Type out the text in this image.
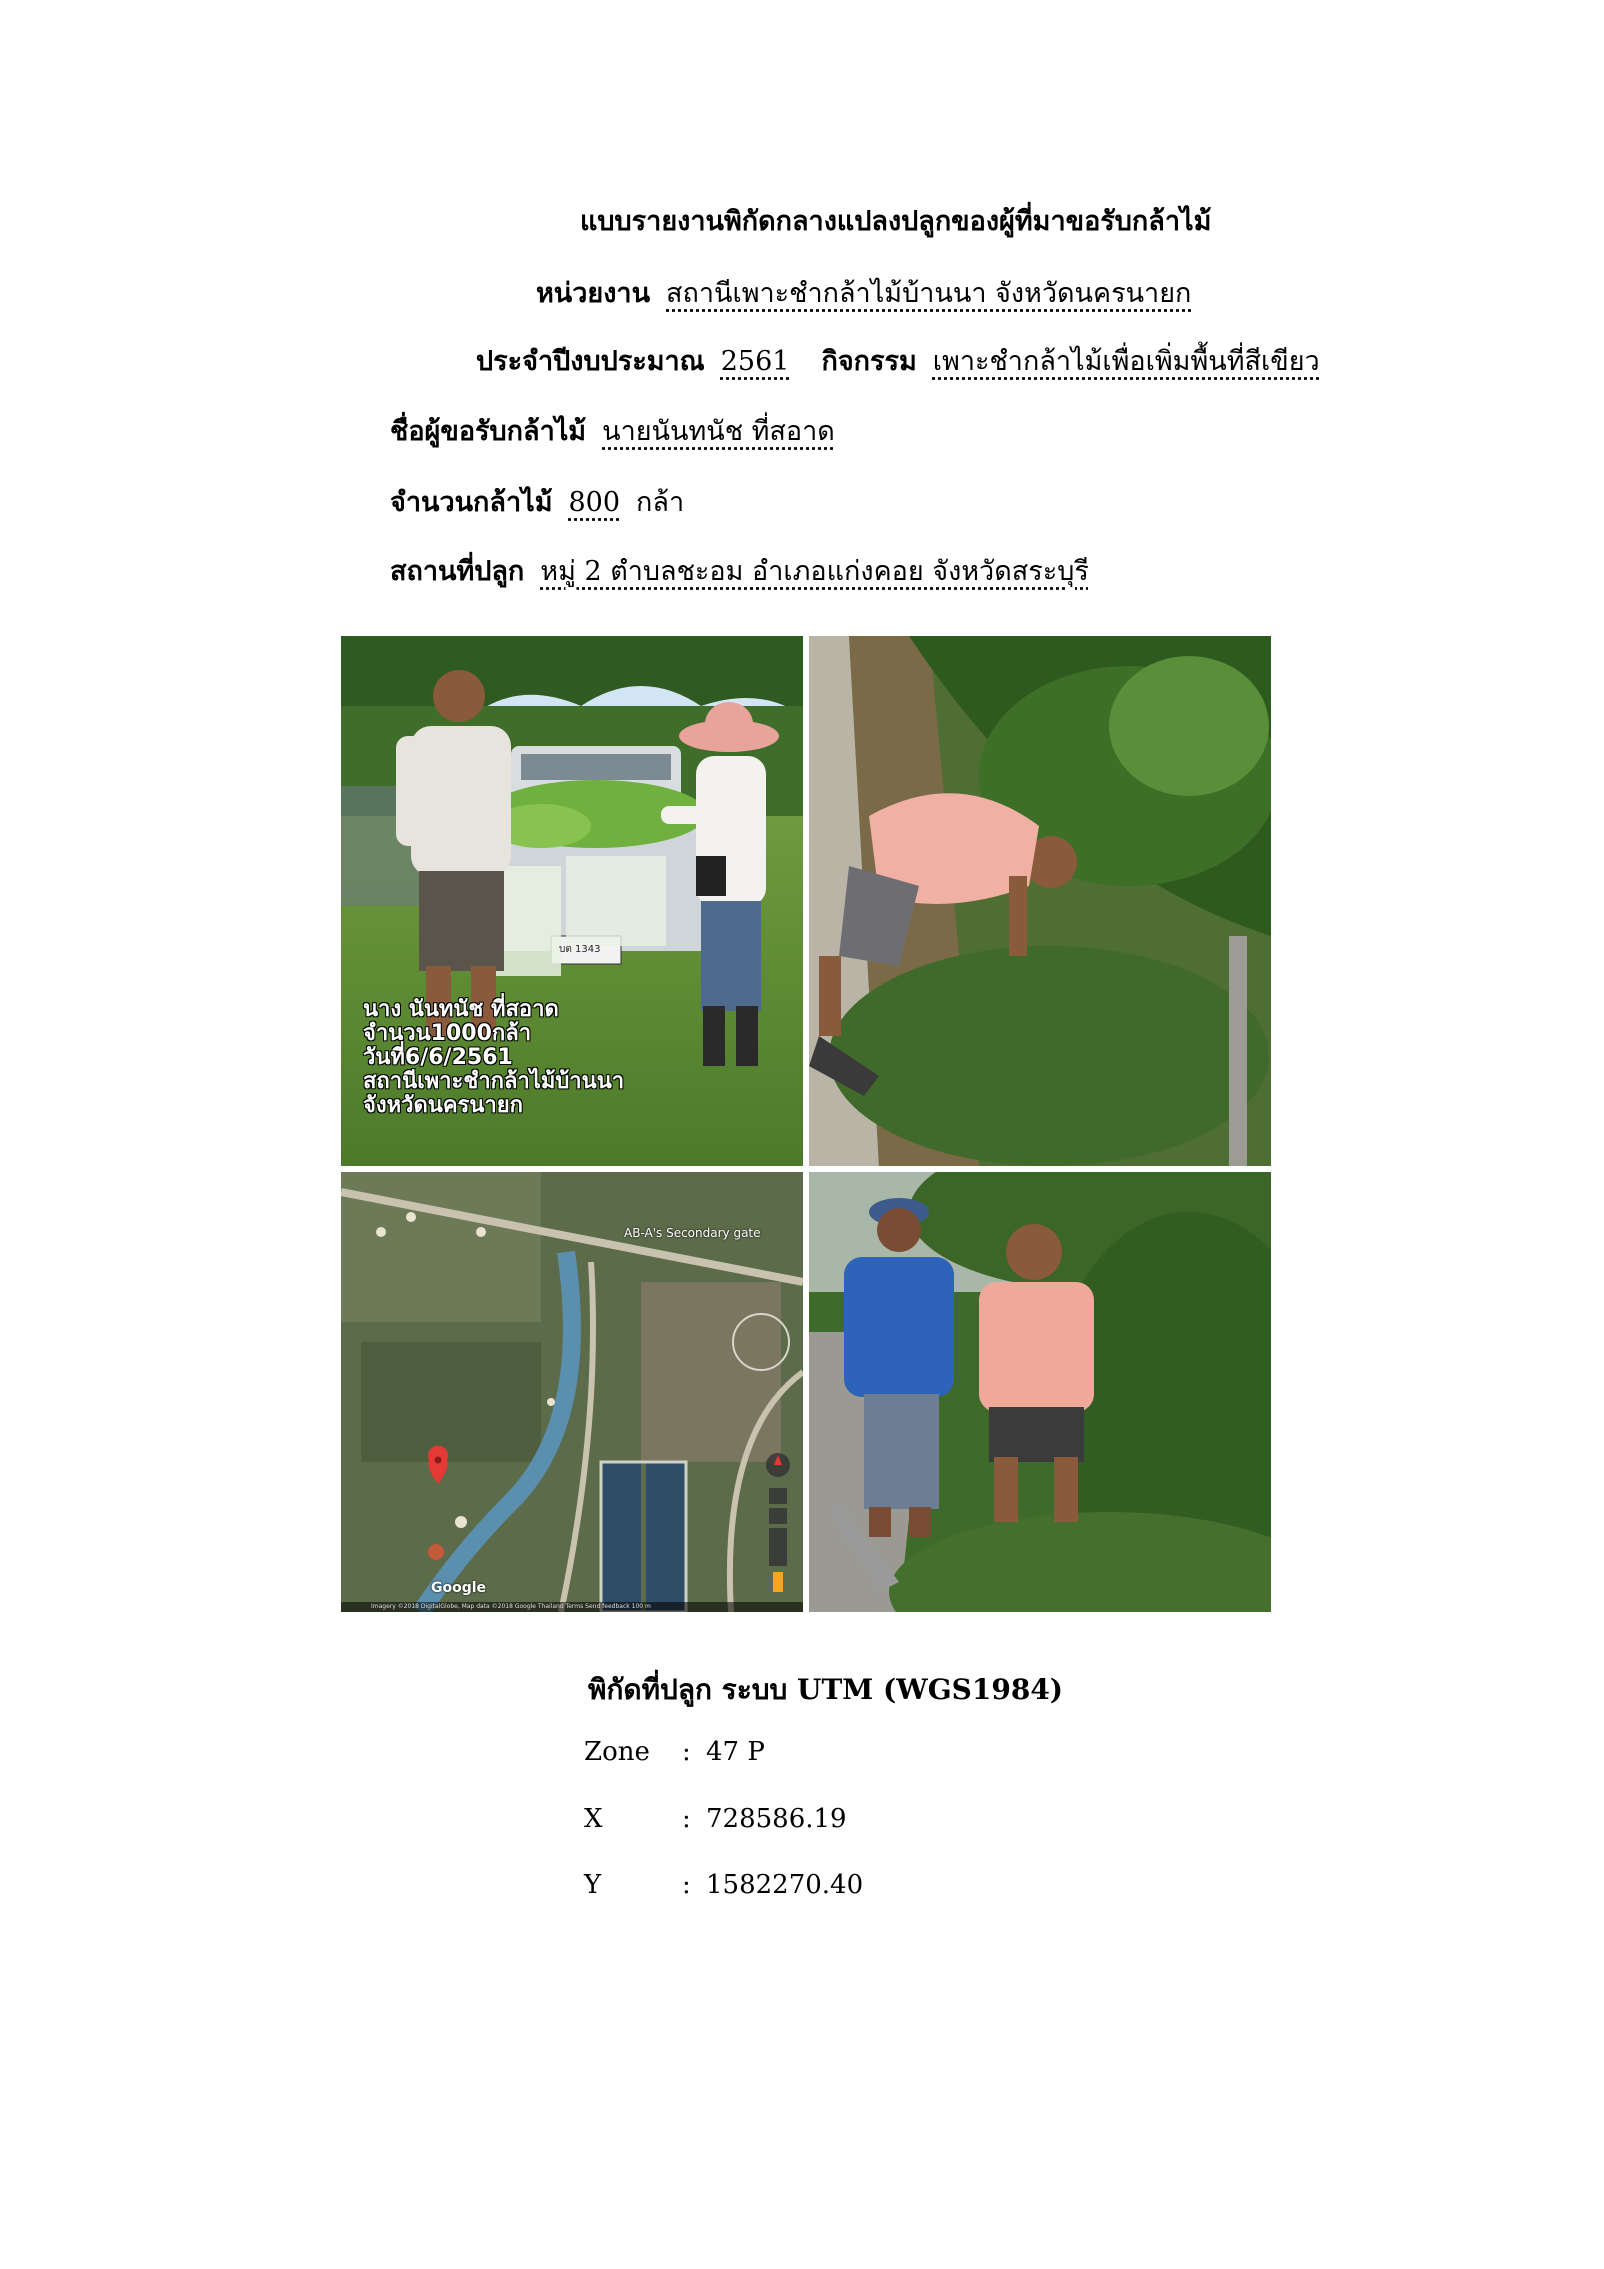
แบบรายงานพิกัดกลางแปลงปลูกของผู้ที่มาขอรับกล้าไม้
หน่วยงาน สถานีเพาะชำกล้าไม้บ้านนา จังหวัดนครนายก
ประจำปีงบประมาณ 2561 กิจกรรม เพาะชำกล้าไม้เพื่อเพิ่มพื้นที่สีเขียว
ชื่อผู้ขอรับกล้าไม้ นายนันทนัช ที่สอาด
จำนวนกล้าไม้ 800 กล้า
สถานที่ปลูก หมู่ 2 ตำบลชะอม อำเภอแก่งคอย จังหวัดสระบุรี
นาง นันทนัช ที่สอาด
จำนวน1000กล้า
วันที่6/6/2561
สถานีเพาะชำกล้าไม้บ้านนา
จังหวัดนครนายก
บต 1343
AB-A's Secondary gate
Google
Imagery ©2018 DigitalGlobe, Map data ©2018 Google Thailand Terms Send feedback 100 m
พิกัดที่ปลูก ระบบ UTM (WGS1984)
Zone : 47 P
X	: 728586.19
Y	: 1582270.40
